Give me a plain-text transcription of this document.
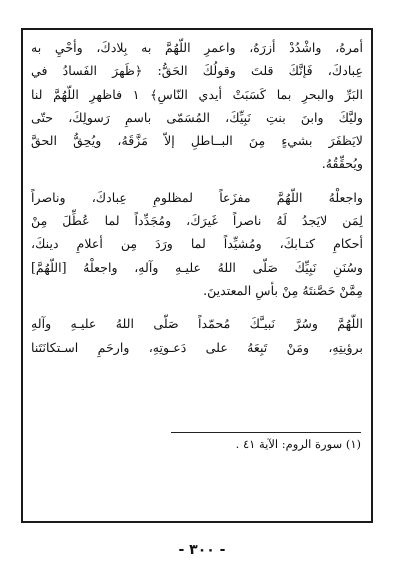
أمرهُ، واشْدُدْ أزرَهُ، واعمرِ اللّهُمَّ به بِلادكَ، وأحْيِ به
عِبادكَ، فَإنَّكَ قلتَ وقولُكَ الحَقُّ: ﴿ظَهرَ الفَسادُ في
البَرِّ والبحرِ بما كَسَبَتْ أيدي النّاسِ﴾ ١ فاظهرِ اللّهُمَّ لنا
وليَّكَ وابنَ بنتِ نَبِيِّكَ، المُسَمّى باسمِ رَسولِكَ، حتّى
لايَظفَرَ بشيءٍ مِنَ البــاطلِ إلاّ مَزَّقَهُ، ويُحِقُّ الحقَّ
ويُحقِّقُهُ.
واجعلْهُ اللّهُمَّ مفزَعاً لمظلومِ عِبادكَ، وناصراً
لِمَن لايَجدُ لَهُ ناصراً غَيرَكَ، ومُجَدِّداً لما عُطِّلَ مِنْ
أحكامِ كتـابكَ، ومُشيِّداً لما ورَدَ مِن أعلامِ دينكَ،
وسُنَنِ نَبِيِّكَ صَلّى اللهُ عليـهِ وآلهِ، واجعلْهُ [اللّهُمَّ]
مِمَّنْ حَصَّنتَهُ مِنْ بأسِ المعتدينَ.
اللّهُمَّ وسُرَّ نَبيـَّكَ مُحمّداً صَلّى اللهُ عليـهِ وآلهِ
برؤيتِهِ، ومَنْ تَبِعَهُ على دَعـوتِهِ، وارحَمِ اسـتكانَتَنا
(١) سورة الروم: الآية ٤١ .
- ٣٠٠ -
